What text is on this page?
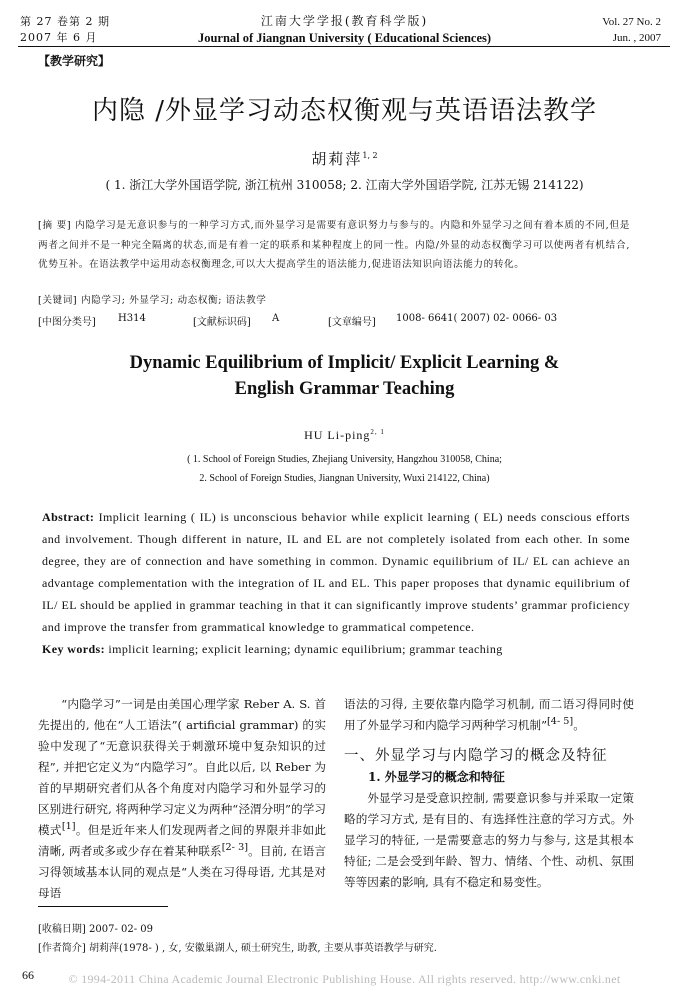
第 27 卷第 2 期
2007 年 6 月
江南大学学报(教育科学版)
Journal of Jiangnan University ( Educational Sciences)
Vol. 27 No. 2
Jun. , 2007
【教学研究】
内隐 /外显学习动态权衡观与英语语法教学
胡莉萍$^{1, 2}$
( 1. 浙江大学外国语学院, 浙江杭州 310058; 2. 江南大学外国语学院, 江苏无锡 214122)
[摘 要] 内隐学习是无意识参与的一种学习方式,而外显学习是需要有意识努力与参与的。内隐和外显学习之间有着本质的不同,但是两者之间并不是一种完全隔离的状态,而是有着一定的联系和某种程度上的同一性。内隐/外显的动态权衡学习可以使两者有机结合,优势互补。在语法教学中运用动态权衡理念,可以大大提高学生的语法能力,促进语法知识向语法能力的转化。
[关键词] 内隐学习; 外显学习; 动态权衡; 语法教学
[中图分类号] H314	[文献标识码] A	[文章编号] 1008- 6641( 2007) 02- 0066- 03
Dynamic Equilibrium of Implicit/ Explicit Learning &
English Grammar Teaching
HU Li-ping$^{2, 1}$
( 1. School of Foreign Studies, Zhejiang University, Hangzhou 310058, China;
2. School of Foreign Studies, Jiangnan University, Wuxi 214122, China)
Abstract: Implicit learning ( IL) is unconscious behavior while explicit learning ( EL) needs conscious efforts and involvement. Though different in nature, IL and EL are not completely isolated from each other. In some degree, they are of connection and have something in common. Dynamic equilibrium of IL/ EL can achieve an advantage complementation with the integration of IL and EL. This paper proposes that dynamic equilibrium of IL/ EL should be applied in grammar teaching in that it can significantly improve students’ grammar proficiency and improve the transfer from grammatical knowledge to grammatical competence.
Key words: implicit learning; explicit learning; dynamic equilibrium; grammar teaching
“内隐学习”一词是由美国心理学家 Reber A. S. 首先提出的, 他在“人工语法”( artificial grammar) 的实验中发现了“无意识获得关于刺激环境中复杂知识的过程”, 并把它定义为“内隐学习”。自此以后, 以 Reber 为首的早期研究者们从各个角度对内隐学习和外显学习的区别进行研究, 将两种学习定义为两种“泾渭分明”的学习模式[1]。但是近年来人们发现两者之间的界限并非如此清晰, 两者或多或少存在着某种联系[2- 3]。目前, 在语言习得领域基本认同的观点是“人类在习得母语, 尤其是对母语

语法的习得, 主要依靠内隐学习机制, 而二语习得同时使用了外显学习和内隐学习两种学习机制”[4- 5]。

一、外显学习与内隐学习的概念及特征

1. 外显学习的概念和特征

外显学习是受意识控制, 需要意识参与并采取一定策略的学习方式, 是有目的、有选择性注意的学习方式。外显学习的特征, 一是需要意志的努力与参与, 这是其根本特征; 二是会受到年龄、智力、情绪、个性、动机、氛围等等因素的影响, 具有不稳定和易变性。

[收稿日期] 2007- 02- 09
[作者简介] 胡莉萍(1978- ) , 女, 安徽巢湖人, 硕士研究生, 助教, 主要从事英语教学与研究.
66	© 1994-2011 China Academic Journal Electronic Publishing House. All rights reserved. http://www.cnki.net
